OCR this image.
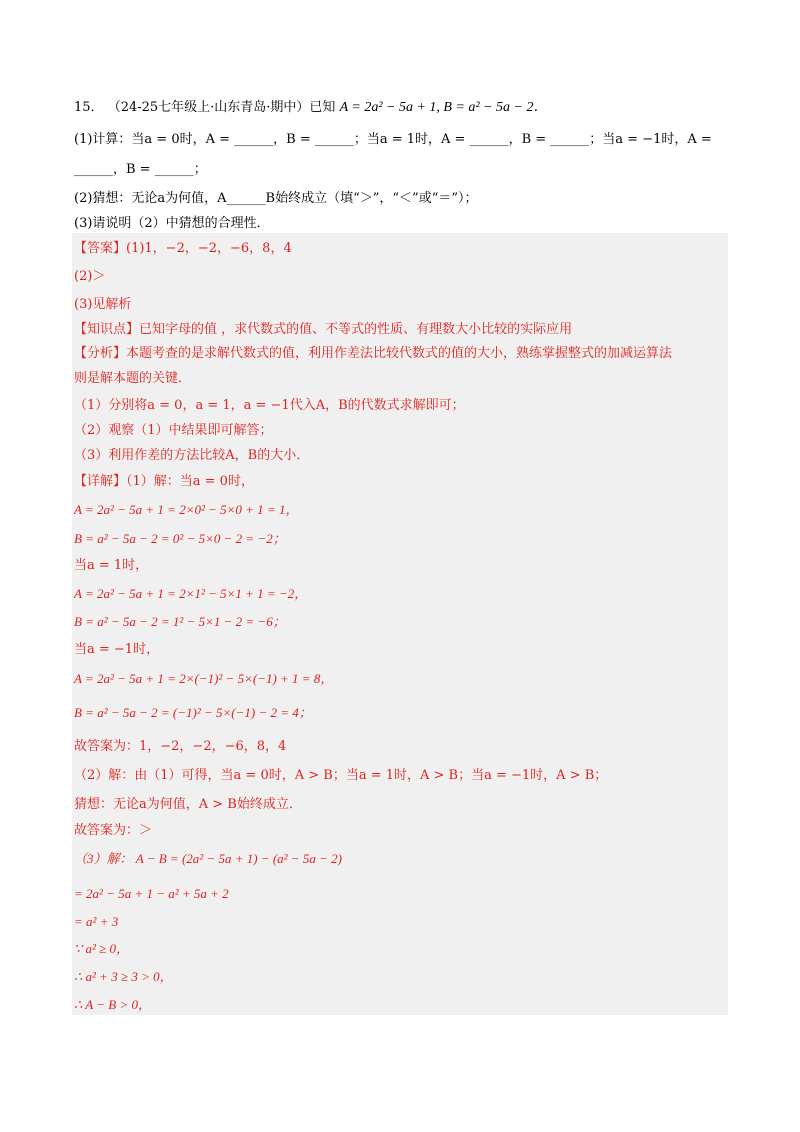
15． （24-25七年级上·山东青岛·期中）已知 A = 2a² − 5a + 1, B = a² − 5a − 2．
(1)计算：当a = 0时，A = ______，B = ______；当a = 1时，A = ______，B = ______；当a = −1时，A =
______，B = ______；
(2)猜想：无论a为何值，A______B始终成立（填“＞”，“＜”或“＝”）；
(3)请说明（2）中猜想的合理性．
【答案】(1)1，−2，−2，−6，8，4
(2)＞
(3)见解析
【知识点】已知字母的值 ，求代数式的值、不等式的性质、有理数大小比较的实际应用
【分析】本题考查的是求解代数式的值，利用作差法比较代数式的值的大小，熟练掌握整式的加减运算法
则是解本题的关键．
（1）分别将a = 0，a = 1，a = −1代入A，B的代数式求解即可；
（2）观察（1）中结果即可解答；
（3）利用作差的方法比较A，B的大小．
【详解】（1）解：当a = 0时，
A = 2a² − 5a + 1 = 2×0² − 5×0 + 1 = 1，
B = a² − 5a − 2 = 0² − 5×0 − 2 = −2；
当a = 1时，
A = 2a² − 5a + 1 = 2×1² − 5×1 + 1 = −2，
B = a² − 5a − 2 = 1² − 5×1 − 2 = −6；
当a = −1时，
A = 2a² − 5a + 1 = 2×(−1)² − 5×(−1) + 1 = 8，
B = a² − 5a − 2 = (−1)² − 5×(−1) − 2 = 4；
故答案为：1，−2，−2，−6，8，4
（2）解：由（1）可得，当a = 0时，A > B；当a = 1时，A > B；当a = −1时，A > B；
猜想：无论a为何值，A > B始终成立．
故答案为：＞
（3）解： A − B = (2a² − 5a + 1) − (a² − 5a − 2)
= 2a² − 5a + 1 − a² + 5a + 2
= a² + 3
∵ a² ≥ 0，
∴ a² + 3 ≥ 3 > 0，
∴ A − B > 0，
